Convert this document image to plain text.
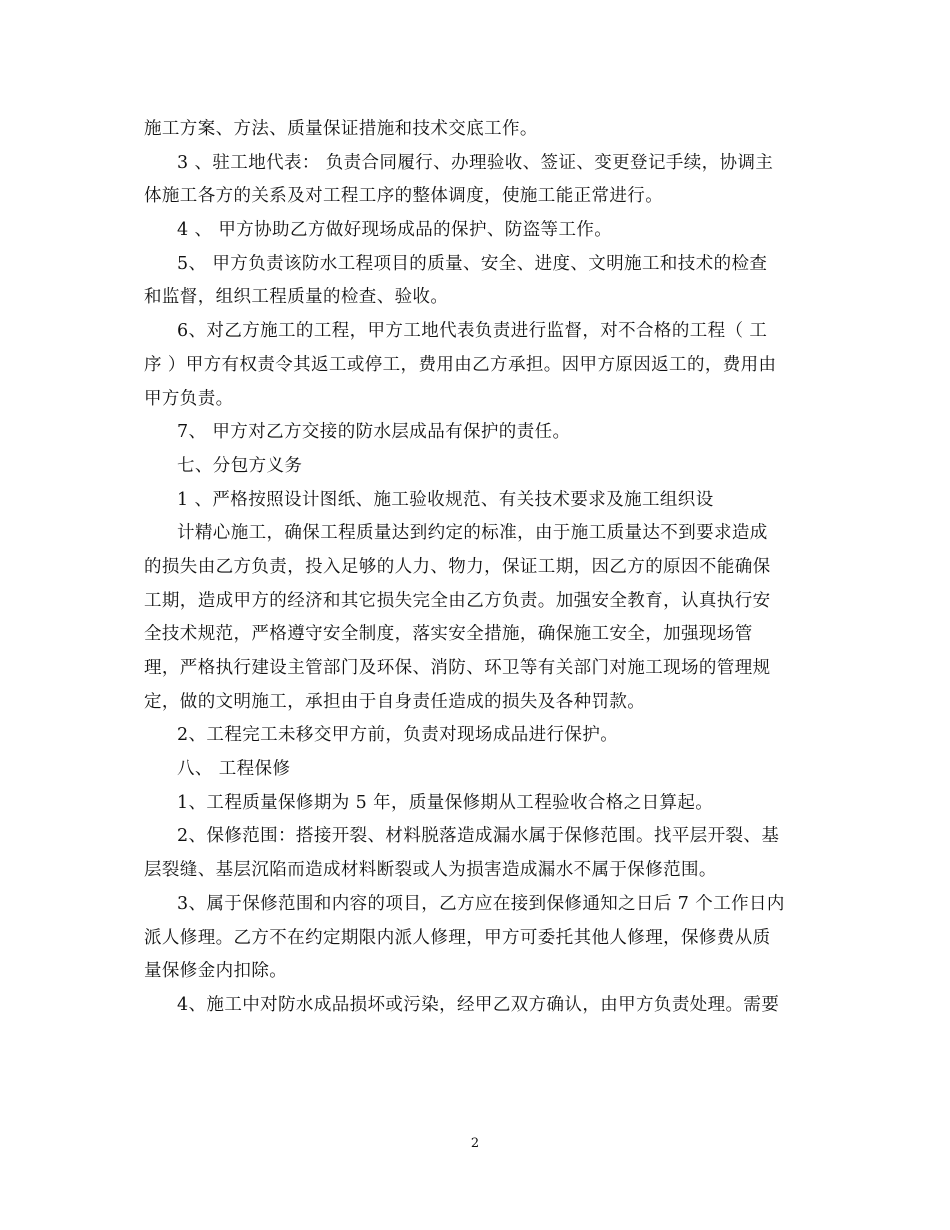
施工方案、方法、质量保证措施和技术交底工作。
3 、驻工地代表： 负责合同履行、办理验收、签证、变更登记手续，协调主
体施工各方的关系及对工程工序的整体调度，使施工能正常进行。
4 、 甲方协助乙方做好现场成品的保护、防盗等工作。
5、 甲方负责该防水工程项目的质量、安全、进度、文明施工和技术的检查
和监督，组织工程质量的检查、验收。
6、对乙方施工的工程，甲方工地代表负责进行监督，对不合格的工程（ 工
序 ）甲方有权责令其返工或停工，费用由乙方承担。因甲方原因返工的，费用由
甲方负责。
7、 甲方对乙方交接的防水层成品有保护的责任。
七、分包方义务
1 、严格按照设计图纸、施工验收规范、有关技术要求及施工组织设
计精心施工，确保工程质量达到约定的标准，由于施工质量达不到要求造成
的损失由乙方负责，投入足够的人力、物力，保证工期，因乙方的原因不能确保
工期，造成甲方的经济和其它损失完全由乙方负责。加强安全教育，认真执行安
全技术规范，严格遵守安全制度，落实安全措施，确保施工安全，加强现场管
理，严格执行建设主管部门及环保、消防、环卫等有关部门对施工现场的管理规
定，做的文明施工，承担由于自身责任造成的损失及各种罚款。
2、工程完工未移交甲方前，负责对现场成品进行保护。
八、 工程保修
1、工程质量保修期为 5 年，质量保修期从工程验收合格之日算起。
2、保修范围：搭接开裂、材料脱落造成漏水属于保修范围。找平层开裂、基
层裂缝、基层沉陷而造成材料断裂或人为损害造成漏水不属于保修范围。
3、属于保修范围和内容的项目，乙方应在接到保修通知之日后 7 个工作日内
派人修理。乙方不在约定期限内派人修理，甲方可委托其他人修理，保修费从质
量保修金内扣除。
4、施工中对防水成品损坏或污染，经甲乙双方确认，由甲方负责处理。需要
2
